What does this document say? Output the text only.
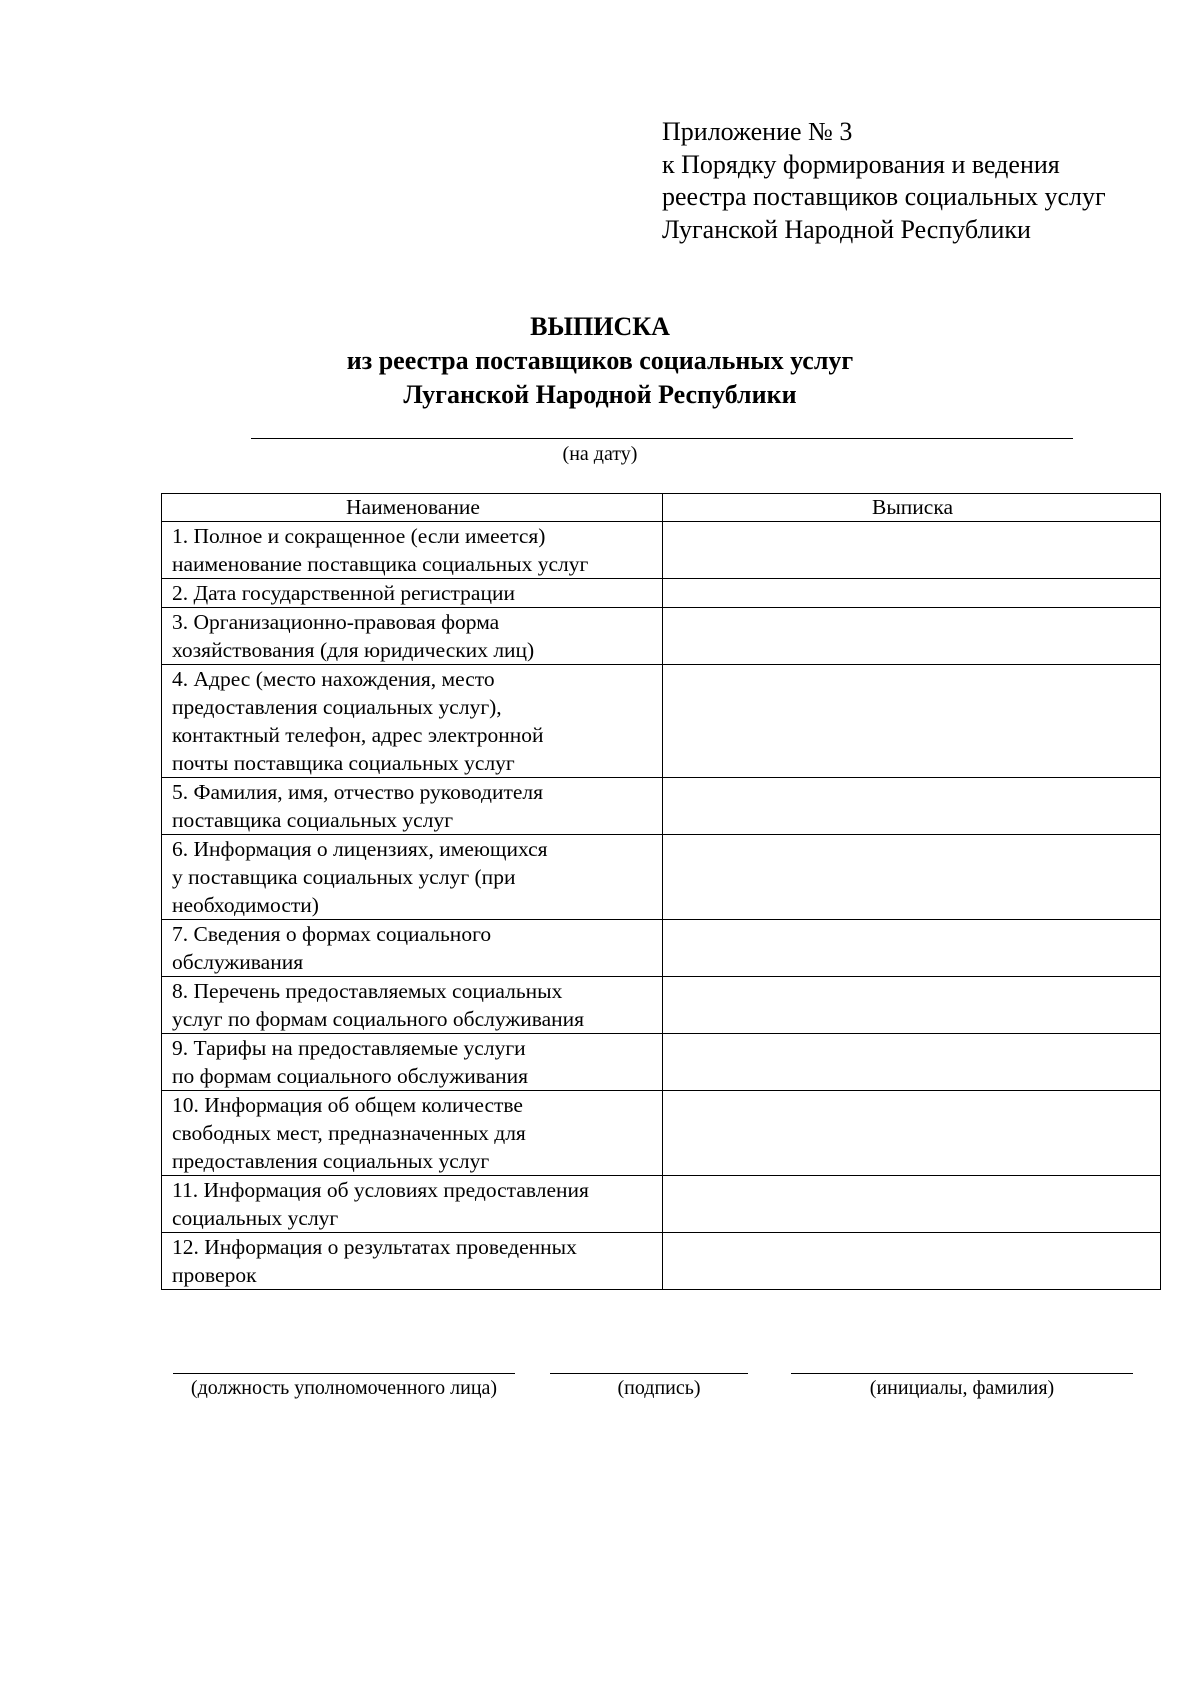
Приложение № 3
к Порядку формирования и ведения
реестра поставщиков социальных услуг
Луганской Народной Республики
ВЫПИСКА
из реестра поставщиков социальных услуг
Луганской Народной Республики
(на дату)
Наименование	Выписка
1. Полное и сокращенное (если имеется)
наименование поставщика социальных услуг	
2. Дата государственной регистрации	
3. Организационно-правовая форма
хозяйствования (для юридических лиц)	
4. Адрес (место нахождения, место
предоставления социальных услуг),
контактный телефон, адрес электронной
почты поставщика социальных услуг	
5. Фамилия, имя, отчество руководителя
поставщика социальных услуг	
6. Информация о лицензиях, имеющихся
у поставщика социальных услуг (при
необходимости)	
7. Сведения о формах социального
обслуживания	
8. Перечень предоставляемых социальных
услуг по формам социального обслуживания	
9. Тарифы на предоставляемые услуги
по формам социального обслуживания	
10. Информация об общем количестве
свободных мест, предназначенных для
предоставления социальных услуг	
11. Информация об условиях предоставления
социальных услуг	
12. Информация о результатах проведенных
проверок	
(должность уполномоченного лица)	(подпись)	(инициалы, фамилия)
